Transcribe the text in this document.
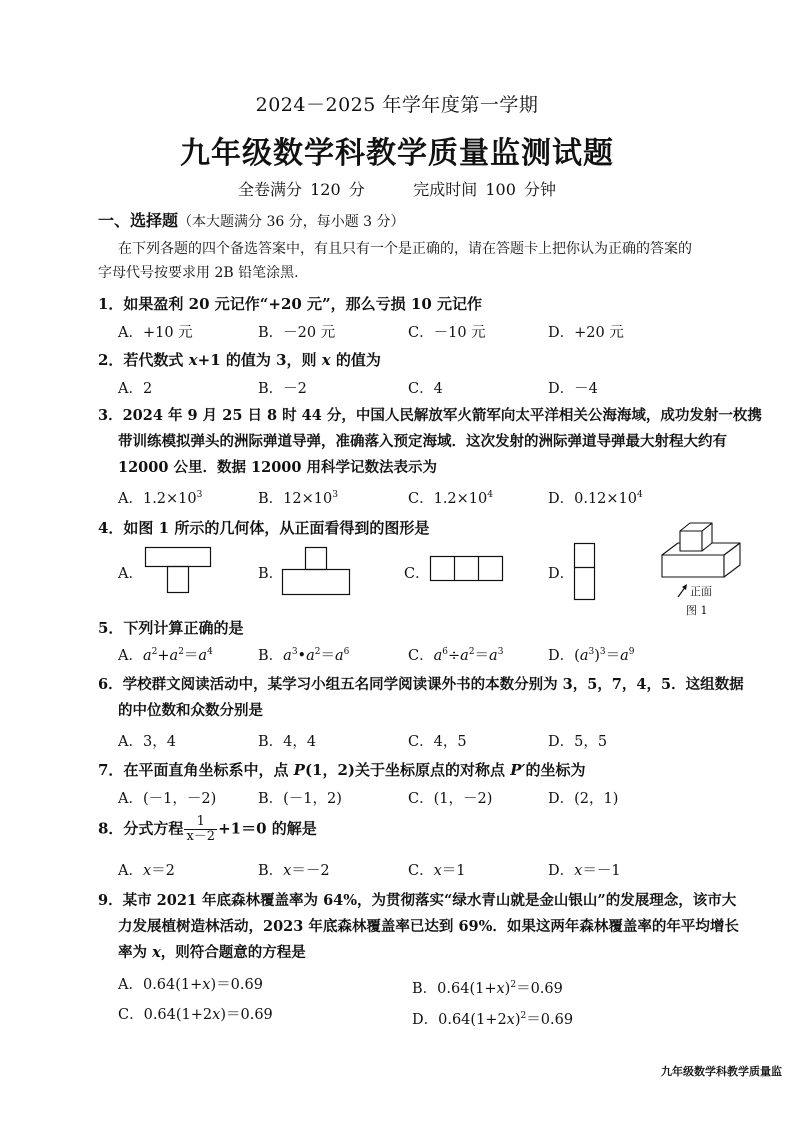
2024－2025 年学年度第一学期
九年级数学科教学质量监测试题
全卷满分 120 分      完成时间 100 分钟
一、选择题（本大题满分 36 分，每小题 3 分）
在下列各题的四个备选答案中，有且只有一个是正确的，请在答题卡上把你认为正确的答案的
字母代号按要求用 2B 铅笔涂黑.
1．如果盈利 20 元记作“+20 元”，那么亏损 10 元记作
A．+10 元	B．－20 元	C．－10 元	D．+20 元
2．若代数式 x+1 的值为 3，则 x 的值为
A．2	B．－2	C．4	D．－4
3．2024 年 9 月 25 日 8 时 44 分，中国人民解放军火箭军向太平洋相关公海海域，成功发射一枚携
带训练模拟弹头的洲际弹道导弹，准确落入预定海域．这次发射的洲际弹道导弹最大射程大约有
12000 公里．数据 12000 用科学记数法表示为
A．$1.2\times 10^3$	B．$12\times 10^3$	C．$1.2\times 10^4$	D．$0.12\times 10^4$
4．如图 1 所示的几何体，从正面看得到的图形是
A．	B．	C．	D．
正面
图 1
5．下列计算正确的是
A．$a^2+a^2=a^4$	B．$a^3•a^2=a^6$	C．$a^6\div a^2=a^3$	D．$(a^3)^3=a^9$
6．学校群文阅读活动中，某学习小组五名同学阅读课外书的本数分别为 3，5，7，4，5．这组数据
的中位数和众数分别是
A．3，4	B．4，4	C．4，5	D．5，5
7．在平面直角坐标系中，点 P(1，2)关于坐标原点的对称点 P′的坐标为
A．(－1，－2)	B．(－1，2)	C．(1，－2)	D．(2，1)
8．分式方程 $\frac{1}{x-2} +1=0$ 的解是
A．x＝2	B．x＝－2	C．x＝1	D．x＝－1
9．某市 2021 年底森林覆盖率为 64%，为贯彻落实“绿水青山就是金山银山”的发展理念，该市大
力发展植树造林活动，2023 年底森林覆盖率已达到 69%．如果这两年森林覆盖率的年平均增长
率为 x，则符合题意的方程是
A．0.64(1+x)＝0.69	B．$0.64(1+x)^2=0.69$
C．0.64(1+2x)＝0.69	D．$0.64(1+2x)^2=0.69$
九年级数学科教学质量监
